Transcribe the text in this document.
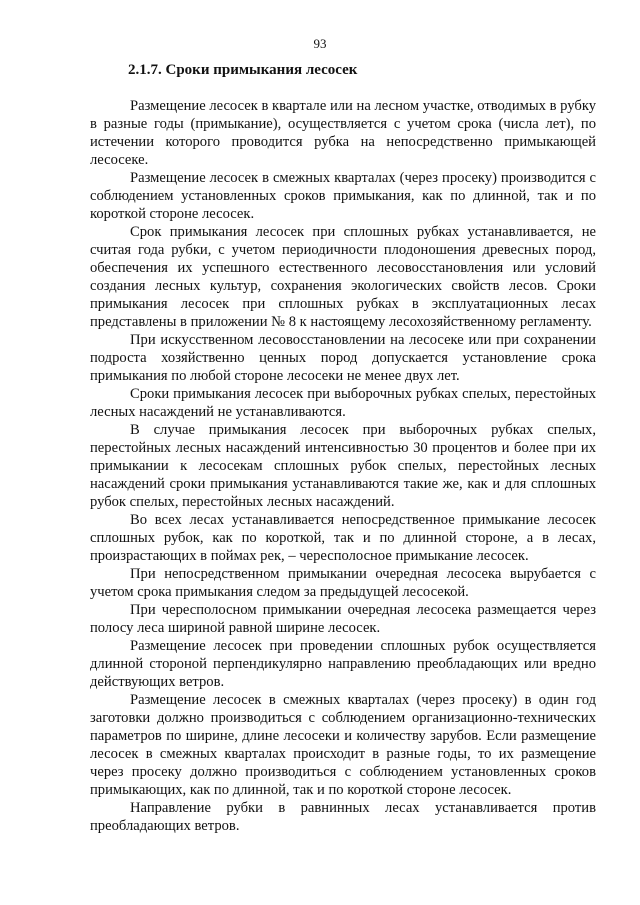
93
2.1.7. Сроки примыкания лесосек

Размещение лесосек в квартале или на лесном участке, отводимых в рубку в разные годы (примыкание), осуществляется с учетом срока (числа лет), по истечении которого проводится рубка на непосредственно примыкающей лесосеке.

Размещение лесосек в смежных кварталах (через просеку) производится с соблюдением установленных сроков примыкания, как по длинной, так и по короткой стороне лесосек.

Срок примыкания лесосек при сплошных рубках устанавливается, не считая года рубки, с учетом периодичности плодоношения древесных пород, обеспечения их успешного естественного лесовосстановления или условий создания лесных культур, сохранения экологических свойств лесов. Сроки примыкания лесосек при сплошных рубках в эксплуатационных лесах представлены в приложении № 8 к настоящему лесохозяйственному регламенту.

При искусственном лесовосстановлении на лесосеке или при сохранении подроста хозяйственно ценных пород допускается установление срока примыкания по любой стороне лесосеки не менее двух лет.

Сроки примыкания лесосек при выборочных рубках спелых, перестойных лесных насаждений не устанавливаются.

В случае примыкания лесосек при выборочных рубках спелых, перестойных лесных насаждений интенсивностью 30 процентов и более при их примыкании к лесосекам сплошных рубок спелых, перестойных лесных насаждений сроки примыкания устанавливаются такие же, как и для сплошных рубок спелых, перестойных лесных насаждений.

Во всех лесах устанавливается непосредственное примыкание лесосек сплошных рубок, как по короткой, так и по длинной стороне, а в лесах, произрастающих в поймах рек, – чересполосное примыкание лесосек.

При непосредственном примыкании очередная лесосека вырубается с учетом срока примыкания следом за предыдущей лесосекой.

При чересполосном примыкании очередная лесосека размещается через полосу леса шириной равной ширине лесосек.

Размещение лесосек при проведении сплошных рубок осуществляется длинной стороной перпендикулярно направлению преобладающих или вредно действующих ветров.

Размещение лесосек в смежных кварталах (через просеку) в один год заготовки должно производиться с соблюдением организационно-технических параметров по ширине, длине лесосеки и количеству зарубов. Если размещение лесосек в смежных кварталах происходит в разные годы, то их размещение через просеку должно производиться с соблюдением установленных сроков примыкающих, как по длинной, так и по короткой стороне лесосек.

Направление рубки в равнинных лесах устанавливается против преобладающих ветров.
